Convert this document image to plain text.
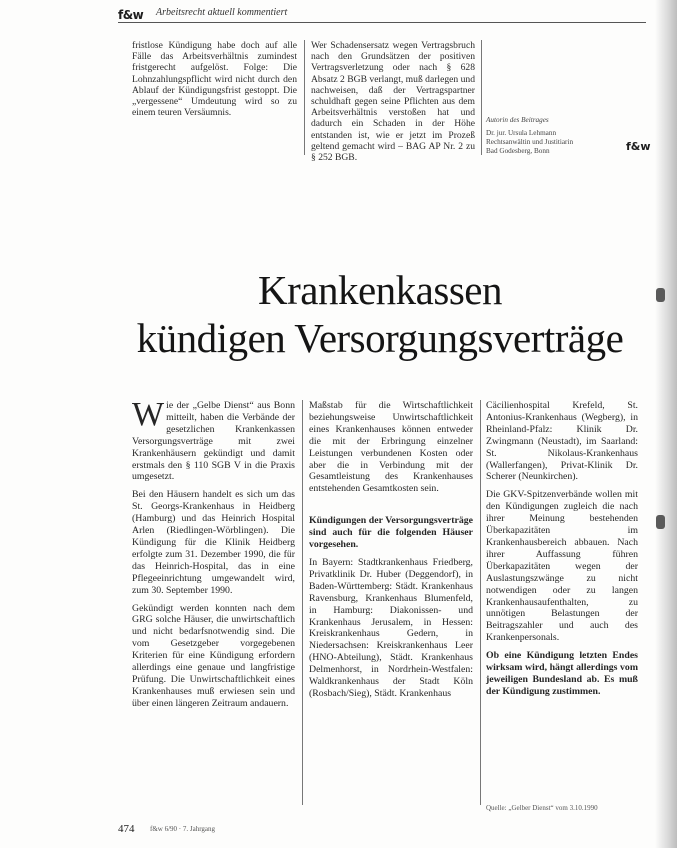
f&w Arbeitsrecht aktuell kommentiert

fristlose Kündigung habe doch auf alle Fälle das Arbeitsverhältnis zumindest fristgerecht aufgelöst. Folge: Die Lohnzahlungspflicht wird nicht durch den Ablauf der Kündigungsfrist gestoppt. Die „vergessene“ Umdeutung wird so zu einem teuren Versäumnis.

Wer Schadensersatz wegen Vertragsbruch nach den Grundsätzen der positiven Vertragsverletzung oder nach § 628 Absatz 2 BGB verlangt, muß darlegen und nachweisen, daß der Vertragspartner schuldhaft gegen seine Pflichten aus dem Arbeitsverhältnis verstoßen hat und dadurch ein Schaden in der Höhe entstanden ist, wie er jetzt im Prozeß geltend gemacht wird – BAG AP Nr. 2 zu § 252 BGB.

Autorin des Beitrages
Dr. jur. Ursula Lehmann
Rechtsanwältin und Justitiarin
Bad Godesberg, Bonn	f&w
Krankenkassen
kündigen Versorgungsverträge

Wie der „Gelbe Dienst“ aus Bonn mitteilt, haben die Verbände der gesetzlichen Krankenkassen Versorgungsverträge mit zwei Krankenhäusern gekündigt und damit erstmals den § 110 SGB V in die Praxis umgesetzt.

Bei den Häusern handelt es sich um das St. Georgs-Krankenhaus in Heidberg (Hamburg) und das Heinrich Hospital Arlen (Riedlingen-Wörblingen). Die Kündigung für die Klinik Heidberg erfolgte zum 31. Dezember 1990, die für das Heinrich-Hospital, das in eine Pflegeeinrichtung umgewandelt wird, zum 30. September 1990.

Gekündigt werden konnten nach dem GRG solche Häuser, die unwirtschaftlich und nicht bedarfsnotwendig sind. Die vom Gesetzgeber vorgegebenen Kriterien für eine Kündigung erfordern allerdings eine genaue und langfristige Prüfung. Die Unwirtschaftlichkeit eines Krankenhauses muß erwiesen sein und über einen längeren Zeitraum andauern.

Maßstab für die Wirtschaftlichkeit beziehungsweise Unwirtschaftlichkeit eines Krankenhauses können entweder die mit der Erbringung einzelner Leistungen verbundenen Kosten oder aber die in Verbindung mit der Gesamtleistung des Krankenhauses entstehenden Gesamtkosten sein.

Kündigungen der Versorgungsverträge sind auch für die folgenden Häuser vorgesehen.

In Bayern: Stadtkrankenhaus Friedberg, Privatklinik Dr. Huber (Deggendorf), in Baden-Württemberg: Städt. Krankenhaus Ravensburg, Krankenhaus Blumenfeld, in Hamburg: Diakonissen- und Krankenhaus Jerusalem, in Hessen: Kreiskrankenhaus Gedern, in Niedersachsen: Kreiskrankenhaus Leer (HNO-Abteilung), Städt. Krankenhaus Delmenhorst, in Nordrhein-Westfalen: Waldkrankenhaus der Stadt Köln (Rosbach/Sieg), Städt. Krankenhaus

Cäcilienhospital Krefeld, St. Antonius-Krankenhaus (Wegberg), in Rheinland-Pfalz: Klinik Dr. Zwingmann (Neustadt), im Saarland: St. Nikolaus-Krankenhaus (Wallerfangen), Privat-Klinik Dr. Scherer (Neunkirchen).

Die GKV-Spitzenverbände wollen mit den Kündigungen zugleich die nach ihrer Meinung bestehenden Überkapazitäten im Krankenhausbereich abbauen. Nach ihrer Auffassung führen Überkapazitäten wegen der Auslastungszwänge zu nicht notwendigen oder zu langen Krankenhausaufenthalten, zu unnötigen Belastungen der Beitragszahler und auch des Krankenpersonals.

Ob eine Kündigung letzten Endes wirksam wird, hängt allerdings vom jeweiligen Bundesland ab. Es muß der Kündigung zustimmen.

Quelle: „Gelber Dienst“ vom 3.10.1990
474 f&w 6/90 · 7. Jahrgang
